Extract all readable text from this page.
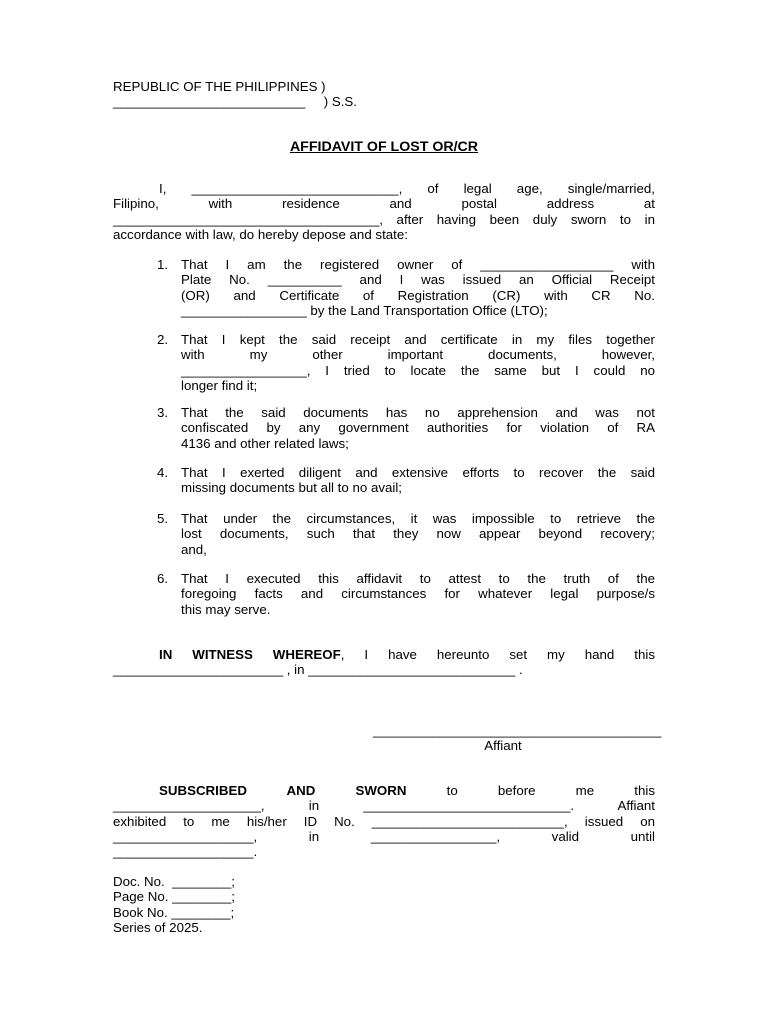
REPUBLIC OF THE PHILIPPINES )
__________________________     ) S.S.
AFFIDAVIT OF LOST OR/CR
I, ____________________________, of legal age, single/married,
Filipino, with residence and postal address at
____________________________________, after having been duly sworn to in
accordance with law, do hereby depose and state:
1. That I am the registered owner of __________________ with
Plate No. __________ and I was issued an Official Receipt
(OR) and Certificate of Registration (CR) with CR No.
_________________ by the Land Transportation Office (LTO);
2. That I kept the said receipt and certificate in my files together
with my other important documents, however,
_________________, I tried to locate the same but I could no
longer find it;
3. That the said documents has no apprehension and was not
confiscated by any government authorities for violation of RA
4136 and other related laws;
4. That I exerted diligent and extensive efforts to recover the said
missing documents but all to no avail;
5. That under the circumstances, it was impossible to retrieve the
lost documents, such that they now appear beyond recovery;
and,
6. That I executed this affidavit to attest to the truth of the
foregoing facts and circumstances for whatever legal purpose/s
this may serve.
IN WITNESS WHEREOF, I have hereunto set my hand this
_______________________ , in ____________________________ .
_______________________________________
Affiant
SUBSCRIBED AND	SWORN	to before me this
____________________, in ____________________________. Affiant
exhibited to me his/her ID No. __________________________, issued on
___________________, in _________________, valid until
___________________.
Doc. No.  ________;
Page No. ________;
Book No. ________;
Series of 2025.
